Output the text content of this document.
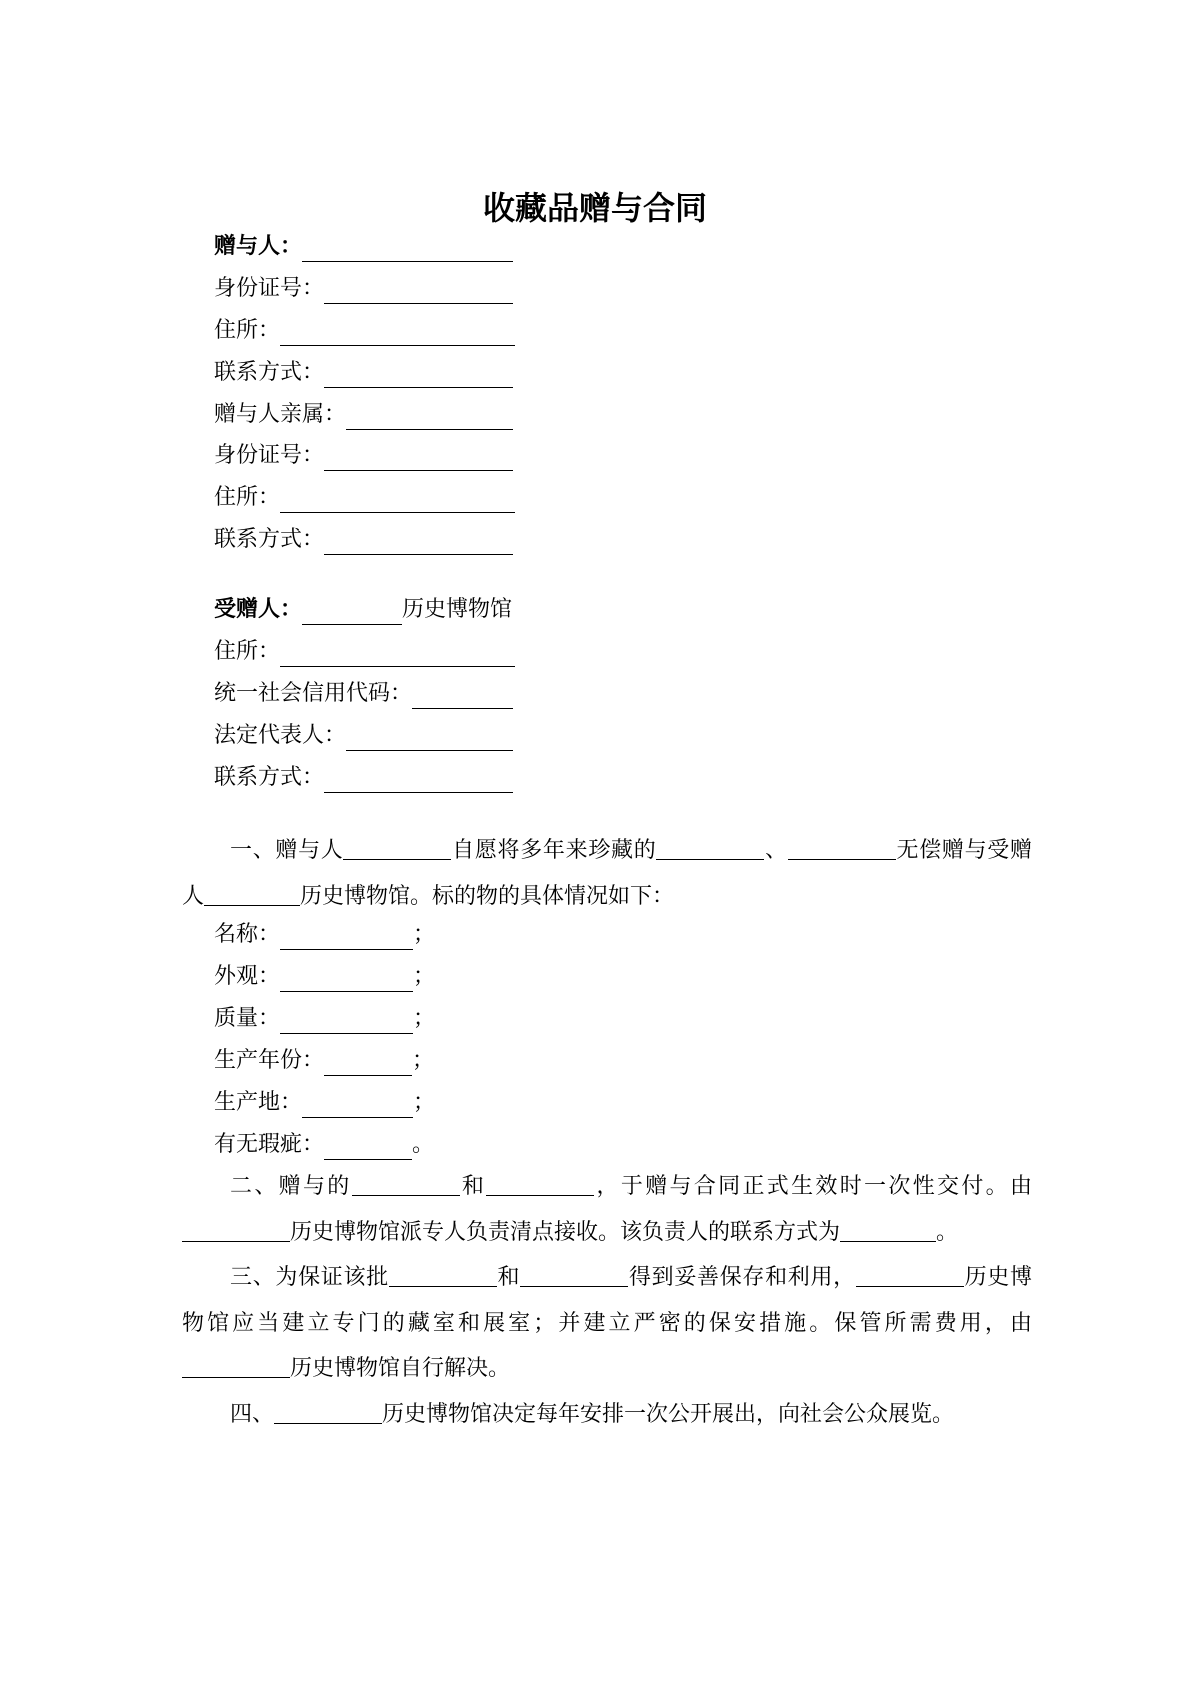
收藏品赠与合同
赠与人：
身份证号：
住所：
联系方式：
赠与人亲属：
身份证号：
住所：
联系方式：
受赠人：	历史博物馆
住所：
统一社会信用代码：
法定代表人：
联系方式：

一、赠与人	自愿将多年来珍藏的	、	无偿赠与受赠人	历史博物馆。标的物的具体情况如下：

名称：	；
外观：	；
质量：	；
生产年份：	；
生产地：	；
有无瑕疵：	。

二、赠与的	和	，于赠与合同正式生效时一次性交付。由历史博物馆派专人负责清点接收。该负责人的联系方式为	。

三、为保证该批	和	得到妥善保存和利用，	历史博物馆应当建立专门的藏室和展室；并建立严密的保安措施。保管所需费用，由历史博物馆自行解决。

四、	历史博物馆决定每年安排一次公开展出，向社会公众展览。
